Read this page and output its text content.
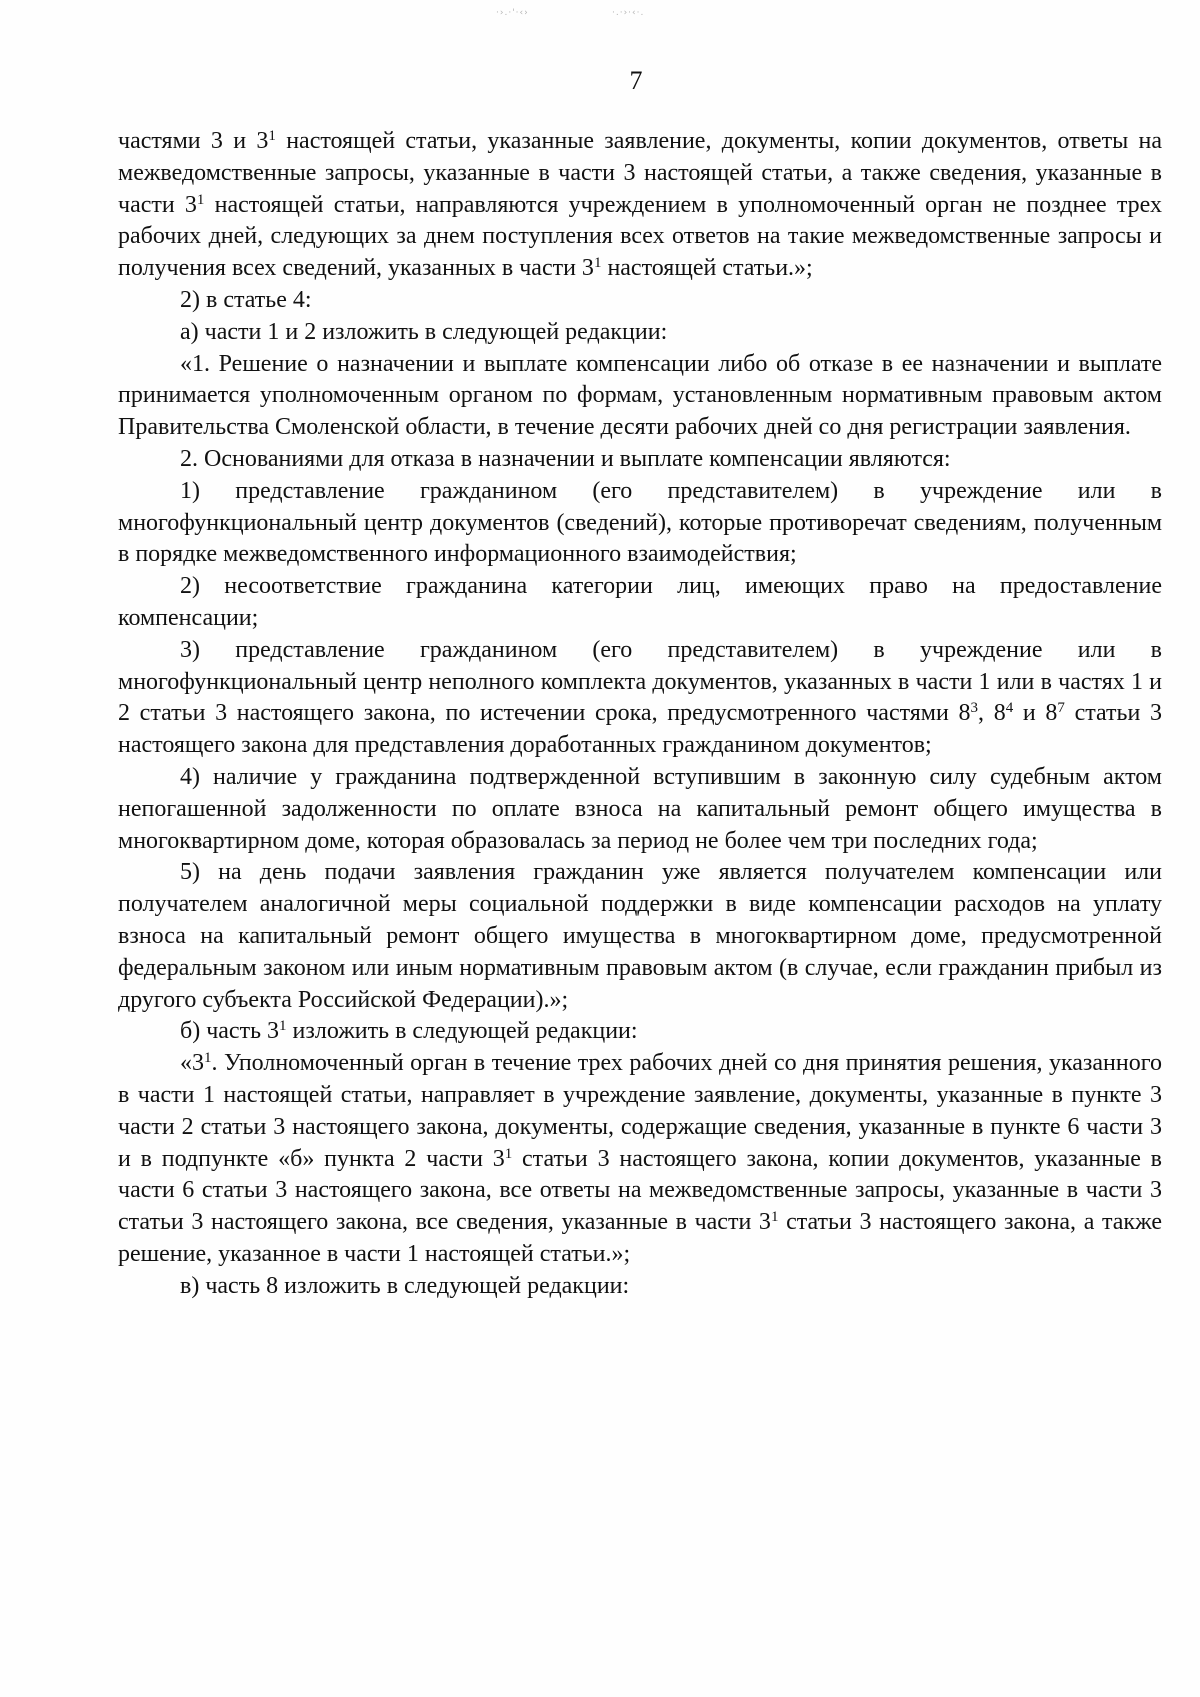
·›.·'·‹›	·.·›·‹·.
7

частями 3 и $3^1$ настоящей статьи, указанные заявление, документы, копии документов, ответы на межведомственные запросы, указанные в части 3 настоящей статьи, а также сведения, указанные в части $3^1$ настоящей статьи, направляются учреждением в уполномоченный орган не позднее трех рабочих дней, следующих за днем поступления всех ответов на такие межведомственные запросы и получения всех сведений, указанных в части $3^1$ настоящей статьи.»;

2) в статье 4:

а) части 1 и 2 изложить в следующей редакции:

«1. Решение о назначении и выплате компенсации либо об отказе в ее назначении и выплате принимается уполномоченным органом по формам, установленным нормативным правовым актом Правительства Смоленской области, в течение десяти рабочих дней со дня регистрации заявления.

2. Основаниями для отказа в назначении и выплате компенсации являются:

1) представление гражданином (его представителем) в учреждение или в многофункциональный центр документов (сведений), которые противоречат сведениям, полученным в порядке межведомственного информационного взаимодействия;

2) несоответствие гражданина категории лиц, имеющих право на предоставление компенсации;

3) представление гражданином (его представителем) в учреждение или в многофункциональный центр неполного комплекта документов, указанных в части 1 или в частях 1 и 2 статьи 3 настоящего закона, по истечении срока, предусмотренного частями $8^3$, $8^4$ и $8^7$ статьи 3 настоящего закона для представления доработанных гражданином документов;

4) наличие у гражданина подтвержденной вступившим в законную силу судебным актом непогашенной задолженности по оплате взноса на капитальный ремонт общего имущества в многоквартирном доме, которая образовалась за период не более чем три последних года;

5) на день подачи заявления гражданин уже является получателем компенсации или получателем аналогичной меры социальной поддержки в виде компенсации расходов на уплату взноса на капитальный ремонт общего имущества в многоквартирном доме, предусмотренной федеральным законом или иным нормативным правовым актом (в случае, если гражданин прибыл из другого субъекта Российской Федерации).»;

б) часть $3^1$ изложить в следующей редакции:

«$3^1$. Уполномоченный орган в течение трех рабочих дней со дня принятия решения, указанного в части 1 настоящей статьи, направляет в учреждение заявление, документы, указанные в пункте 3 части 2 статьи 3 настоящего закона, документы, содержащие сведения, указанные в пункте 6 части 3 и в подпункте «б» пункта 2 части $3^1$ статьи 3 настоящего закона, копии документов, указанные в части 6 статьи 3 настоящего закона, все ответы на межведомственные запросы, указанные в части 3 статьи 3 настоящего закона, все сведения, указанные в части $3^1$ статьи 3 настоящего закона, а также решение, указанное в части 1 настоящей статьи.»;

в) часть 8 изложить в следующей редакции:
